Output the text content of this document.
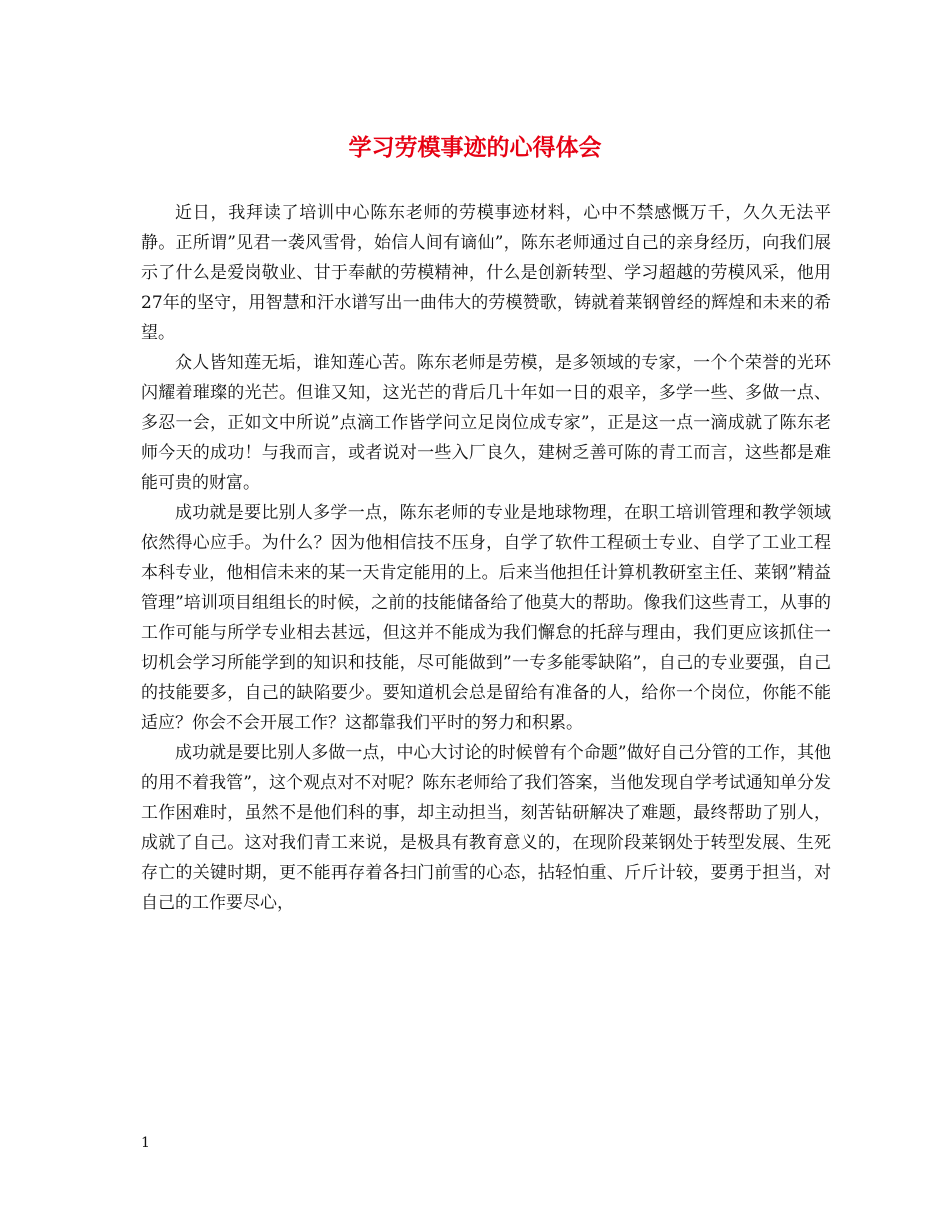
学习劳模事迹的心得体会

近日，我拜读了培训中心陈东老师的劳模事迹材料，心中不禁感慨万千，久久无法平静。正所谓”见君一袭风雪骨，始信人间有谪仙”，陈东老师通过自己的亲身经历，向我们展示了什么是爱岗敬业、甘于奉献的劳模精神，什么是创新转型、学习超越的劳模风采，他用27年的坚守，用智慧和汗水谱写出一曲伟大的劳模赞歌，铸就着莱钢曾经的辉煌和未来的希望。

众人皆知莲无垢，谁知莲心苦。陈东老师是劳模，是多领域的专家，一个个荣誉的光环闪耀着璀璨的光芒。但谁又知，这光芒的背后几十年如一日的艰辛，多学一些、多做一点、多忍一会，正如文中所说”点滴工作皆学问立足岗位成专家”，正是这一点一滴成就了陈东老师今天的成功！与我而言，或者说对一些入厂良久，建树乏善可陈的青工而言，这些都是难能可贵的财富。

成功就是要比别人多学一点，陈东老师的专业是地球物理，在职工培训管理和教学领域依然得心应手。为什么？因为他相信技不压身，自学了软件工程硕士专业、自学了工业工程本科专业，他相信未来的某一天肯定能用的上。后来当他担任计算机教研室主任、莱钢”精益管理”培训项目组组长的时候，之前的技能储备给了他莫大的帮助。像我们这些青工，从事的工作可能与所学专业相去甚远，但这并不能成为我们懈怠的托辞与理由，我们更应该抓住一切机会学习所能学到的知识和技能，尽可能做到”一专多能零缺陷”，自己的专业要强，自己的技能要多，自己的缺陷要少。要知道机会总是留给有准备的人，给你一个岗位，你能不能适应？你会不会开展工作？这都靠我们平时的努力和积累。

成功就是要比别人多做一点，中心大讨论的时候曾有个命题”做好自己分管的工作，其他的用不着我管”，这个观点对不对呢？陈东老师给了我们答案，当他发现自学考试通知单分发工作困难时，虽然不是他们科的事，却主动担当，刻苦钻研解决了难题，最终帮助了别人，成就了自己。这对我们青工来说，是极具有教育意义的，在现阶段莱钢处于转型发展、生死存亡的关键时期，更不能再存着各扫门前雪的心态，拈轻怕重、斤斤计较，要勇于担当，对自己的工作要尽心，

1
